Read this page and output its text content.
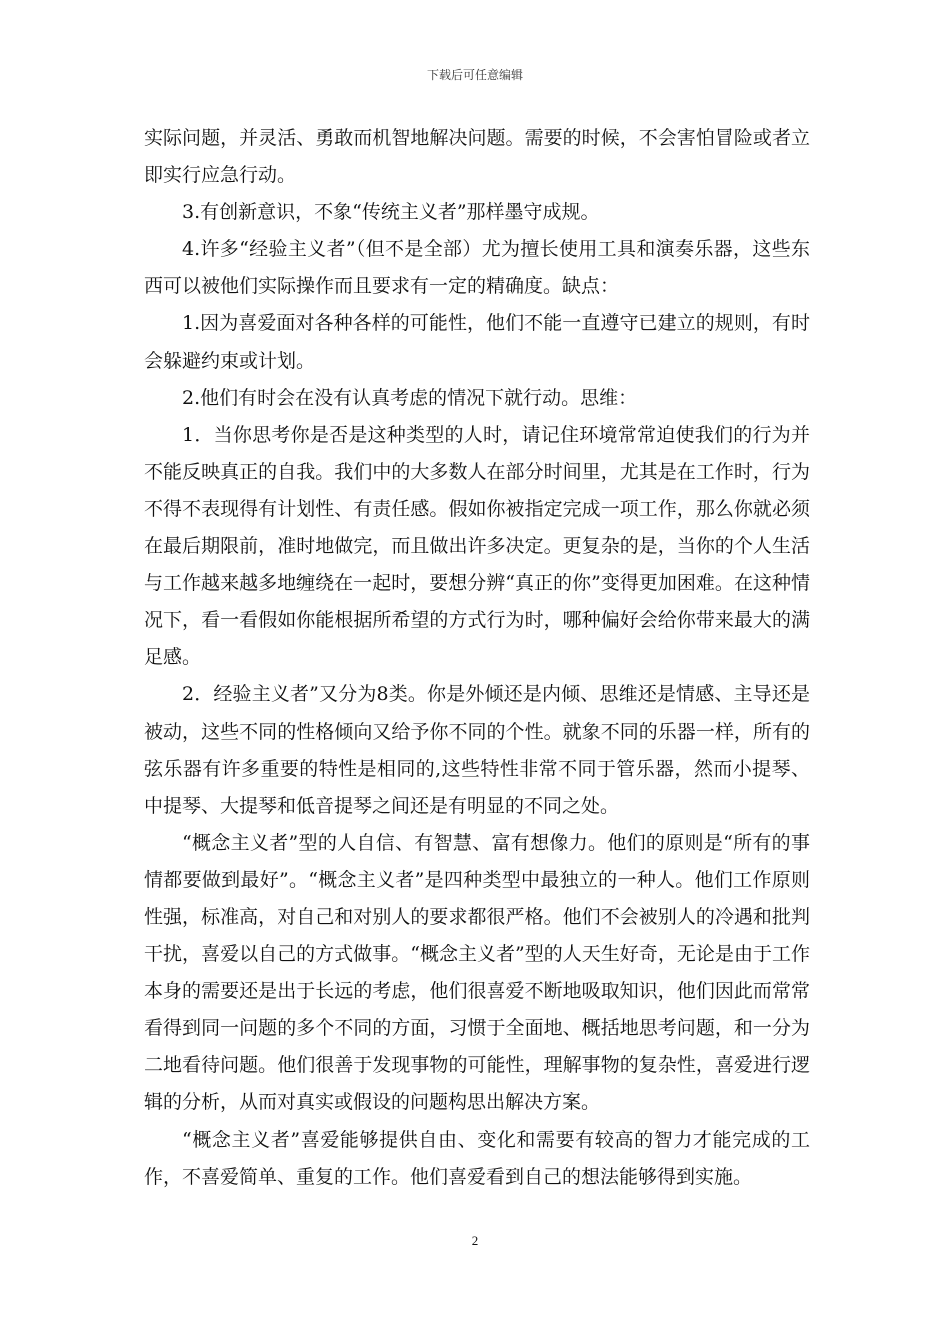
下载后可任意编辑

实际问题，并灵活、勇敢而机智地解决问题。需要的时候，不会害怕冒险或者立即实行应急行动。

3.有创新意识，不象“传统主义者”那样墨守成规。

4.许多“经验主义者”（但不是全部）尤为擅长使用工具和演奏乐器，这些东西可以被他们实际操作而且要求有一定的精确度。缺点：

1.因为喜爱面对各种各样的可能性，他们不能一直遵守已建立的规则，有时会躲避约束或计划。

2.他们有时会在没有认真考虑的情况下就行动。思维：

1．当你思考你是否是这种类型的人时，请记住环境常常迫使我们的行为并不能反映真正的自我。我们中的大多数人在部分时间里，尤其是在工作时，行为不得不表现得有计划性、有责任感。假如你被指定完成一项工作，那么你就必须在最后期限前，准时地做完，而且做出许多决定。更复杂的是，当你的个人生活与工作越来越多地缠绕在一起时，要想分辨“真正的你”变得更加困难。在这种情况下，看一看假如你能根据所希望的方式行为时，哪种偏好会给你带来最大的满足感。

2．经验主义者”又分为8类。你是外倾还是内倾、思维还是情感、主导还是被动，这些不同的性格倾向又给予你不同的个性。就象不同的乐器一样，所有的弦乐器有许多重要的特性是相同的,这些特性非常不同于管乐器，然而小提琴、中提琴、大提琴和低音提琴之间还是有明显的不同之处。

“概念主义者”型的人自信、有智慧、富有想像力。他们的原则是“所有的事情都要做到最好”。“概念主义者”是四种类型中最独立的一种人。他们工作原则性强，标准高，对自己和对别人的要求都很严格。他们不会被别人的冷遇和批判干扰，喜爱以自己的方式做事。“概念主义者”型的人天生好奇，无论是由于工作本身的需要还是出于长远的考虑，他们很喜爱不断地吸取知识，他们因此而常常看得到同一问题的多个不同的方面，习惯于全面地、概括地思考问题，和一分为二地看待问题。他们很善于发现事物的可能性，理解事物的复杂性，喜爱进行逻辑的分析，从而对真实或假设的问题构思出解决方案。

“概念主义者”喜爱能够提供自由、变化和需要有较高的智力才能完成的工作，不喜爱简单、重复的工作。他们喜爱看到自己的想法能够得到实施。

2
